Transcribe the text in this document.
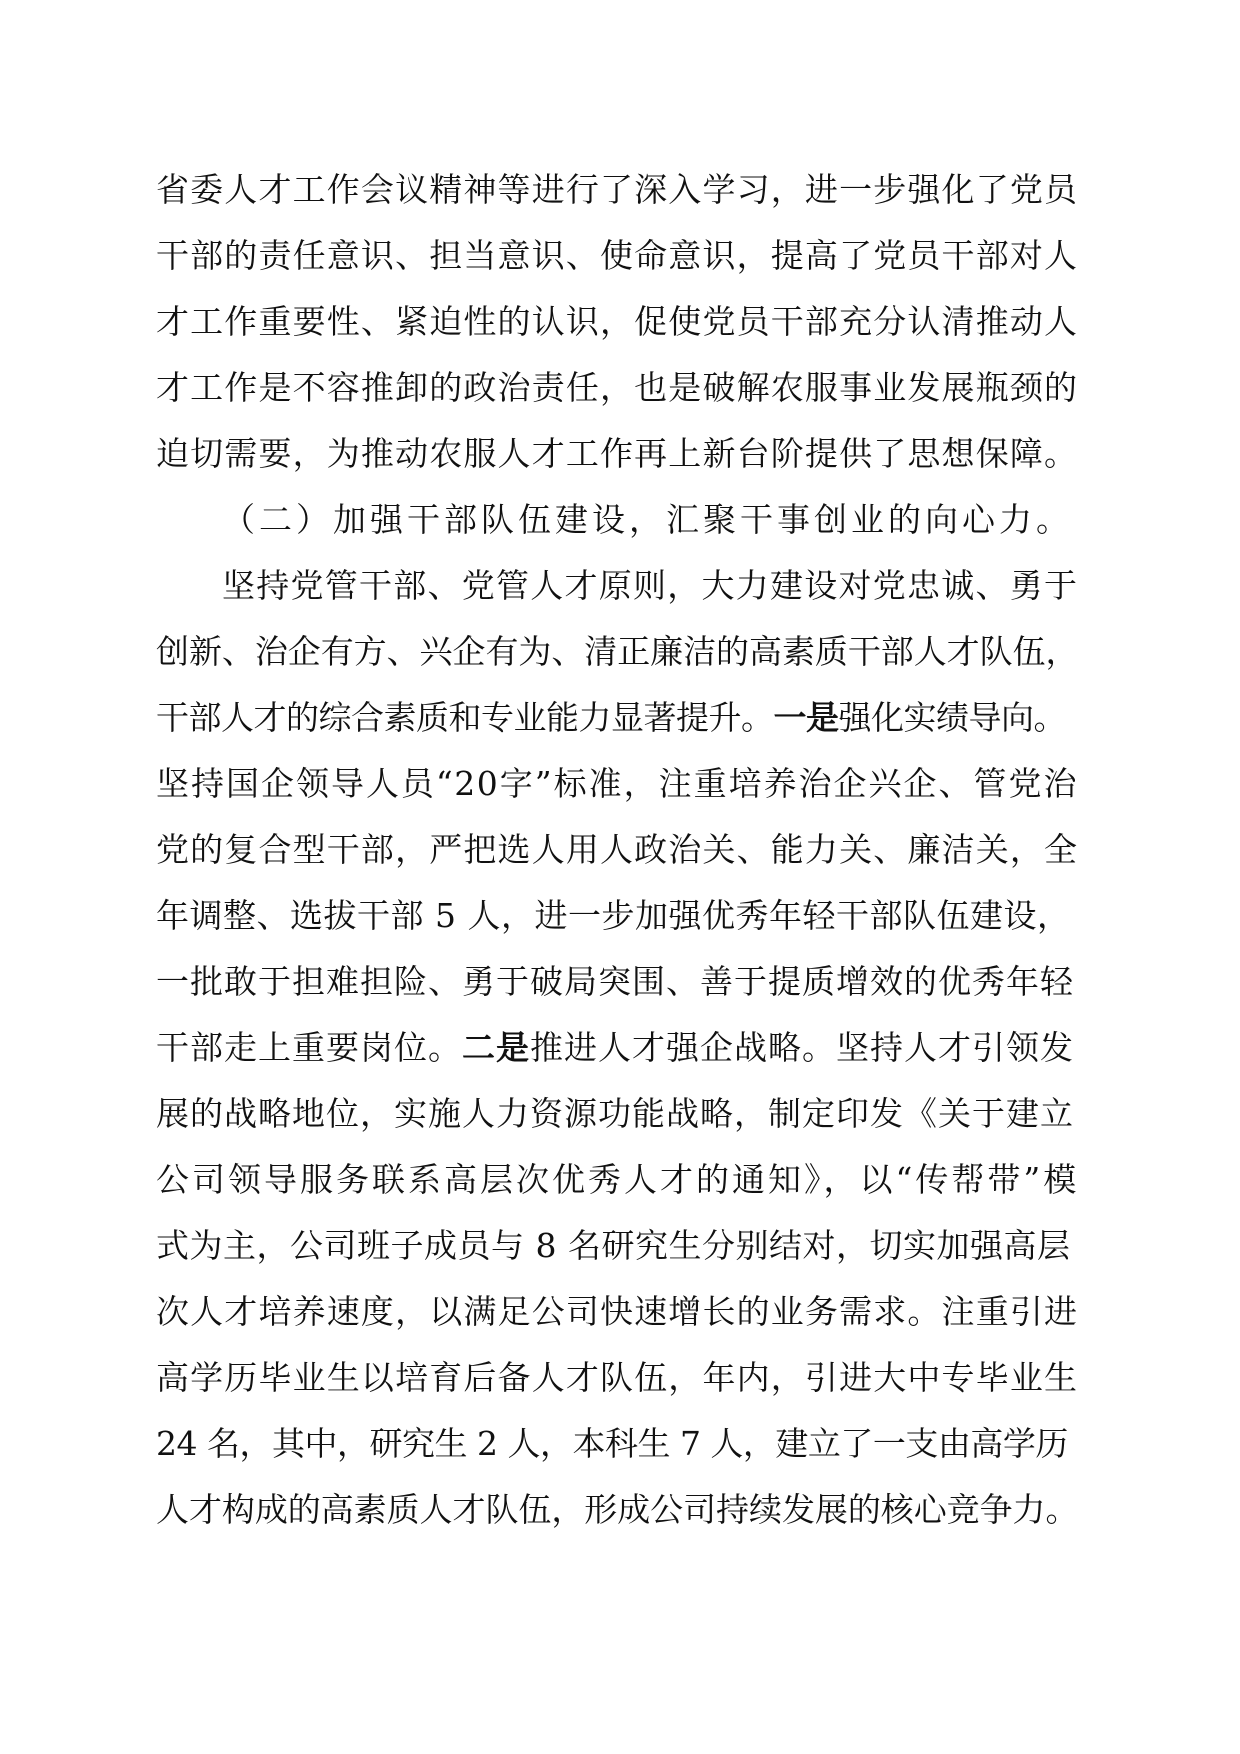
省委人才工作会议精神等进行了深入学习，进一步强化了党员
干部的责任意识、担当意识、使命意识，提高了党员干部对人
才工作重要性、紧迫性的认识，促使党员干部充分认清推动人
才工作是不容推卸的政治责任，也是破解农服事业发展瓶颈的
迫切需要，为推动农服人才工作再上新台阶提供了思想保障。
（二）加强干部队伍建设，汇聚干事创业的向心力。
坚持党管干部、党管人才原则，大力建设对党忠诚、勇于
创新、治企有方、兴企有为、清正廉洁的高素质干部人才队伍，
干部人才的综合素质和专业能力显著提升。一是强化实绩导向。
坚持国企领导人员“20字”标准，注重培养治企兴企、管党治
党的复合型干部，严把选人用人政治关、能力关、廉洁关，全
年调整、选拔干部 5 人，进一步加强优秀年轻干部队伍建设，
一批敢于担难担险、勇于破局突围、善于提质增效的优秀年轻
干部走上重要岗位。二是推进人才强企战略。坚持人才引领发
展的战略地位，实施人力资源功能战略，制定印发《关于建立
公司领导服务联系高层次优秀人才的通知》，以“传帮带”模
式为主，公司班子成员与 8 名研究生分别结对，切实加强高层
次人才培养速度，以满足公司快速增长的业务需求。注重引进
高学历毕业生以培育后备人才队伍，年内，引进大中专毕业生
24 名，其中，研究生 2 人，本科生 7 人，建立了一支由高学历
人才构成的高素质人才队伍，形成公司持续发展的核心竞争力。
